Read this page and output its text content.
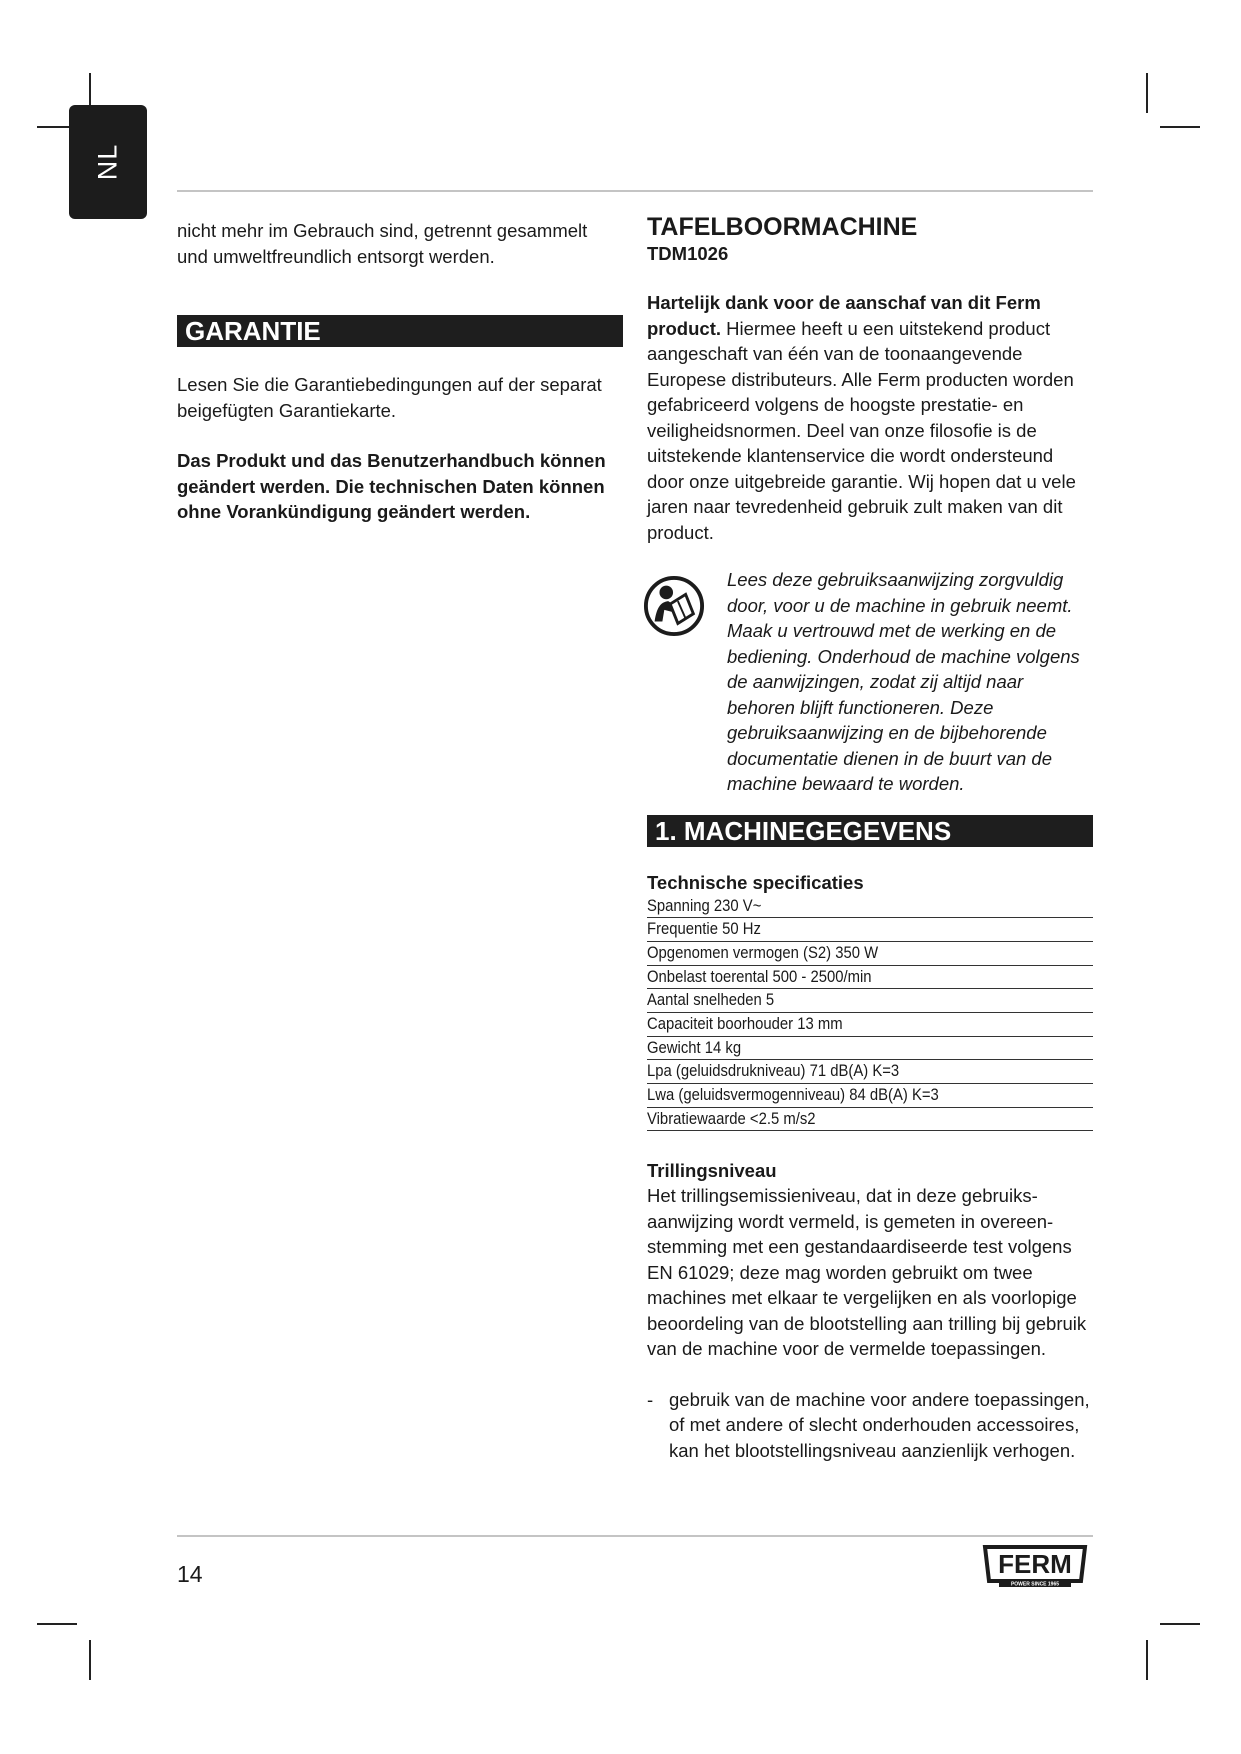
NL

nicht mehr im Gebrauch sind, getrennt gesammelt und umweltfreundlich entsorgt werden.

GARANTIE

Lesen Sie die Garantiebedingungen auf der separat beigefügten Garantiekarte.

Das Produkt und das Benutzerhandbuch können geändert werden. Die technischen Daten können ohne Vorankündigung geändert werden.

TAFELBOORMACHINE
TDM1026

Hartelijk dank voor de aanschaf van dit Ferm product. Hiermee heeft u een uitstekend product aangeschaft van één van de toonaangevende Europese distributeurs. Alle Ferm producten worden gefabriceerd volgens de hoogste prestatie- en veiligheidsnormen. Deel van onze filosofie is de uitstekende klantenservice die wordt ondersteund door onze uitgebreide garantie. Wij hopen dat u vele jaren naar tevredenheid gebruik zult maken van dit product.

Lees deze gebruiksaanwijzing zorgvuldig door, voor u de machine in gebruik neemt. Maak u vertrouwd met de werking en de bediening. Onderhoud de machine volgens de aanwijzingen, zodat zij altijd naar behoren blijft functioneren. Deze gebruiksaanwijzing en de bijbehorende documentatie dienen in de buurt van de machine bewaard te worden.

1. MACHINEGEGEVENS

Technische specificaties

Spanning 230 V~
Frequentie 50 Hz
Opgenomen vermogen (S2) 350 W
Onbelast toerental 500 - 2500/min
Aantal snelheden 5
Capaciteit boorhouder 13 mm
Gewicht 14 kg
Lpa (geluidsdrukniveau) 71 dB(A) K=3
Lwa (geluidsvermogenniveau) 84 dB(A) K=3
Vibratiewaarde <2.5 m/s2

Trillingsniveau

Het trillingsemissieniveau, dat in deze gebruiks-aanwijzing wordt vermeld, is gemeten in overeen-stemming met een gestandaardiseerde test volgens EN 61029; deze mag worden gebruikt om twee machines met elkaar te vergelijken en als voorlopige beoordeling van de blootstelling aan trilling bij gebruik van de machine voor de vermelde toepassingen.

- gebruik van de machine voor andere toepassingen, of met andere of slecht onderhouden accessoires, kan het blootstellingsniveau aanzienlijk verhogen.
14	FERM
POWER SINCE 1965
